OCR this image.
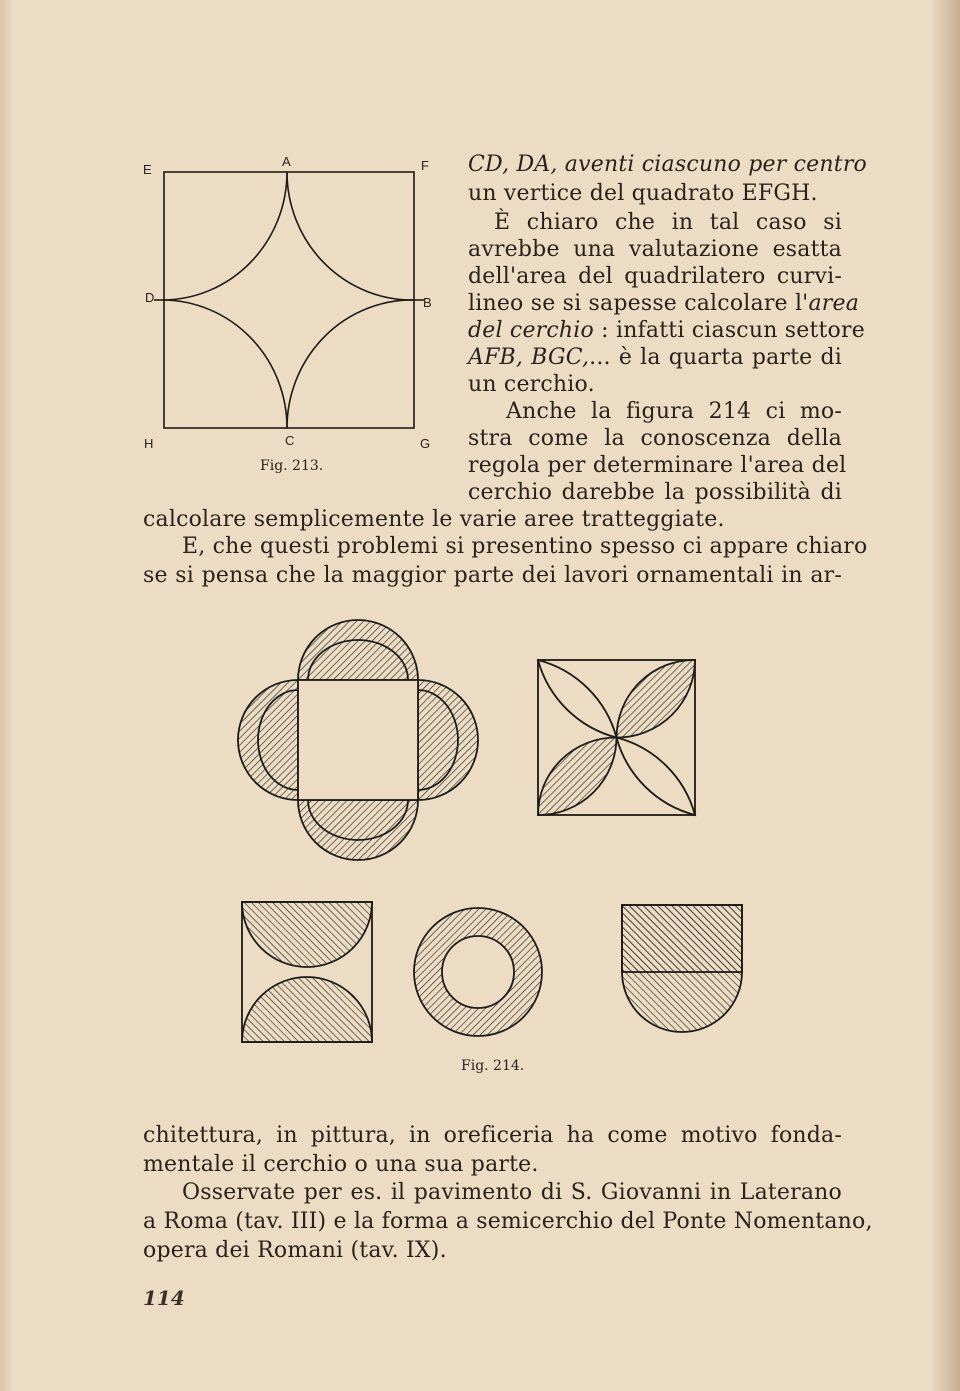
E
A	F
D	B
H	C	G
Fig. 213.
CD, DA, aventi ciascuno per centro
un vertice del quadrato EFGH.
È chiaro che in tal caso si
avrebbe una valutazione esatta
dell'area del quadrilatero curvi-
lineo se si sapesse calcolare l'area
del cerchio : infatti ciascun settore
AFB, BGC,... è la quarta parte di
un cerchio.
Anche la figura 214 ci mo-
stra come la conoscenza della
regola per determinare l'area del
cerchio darebbe la possibilità di
calcolare semplicemente le varie aree tratteggiate.
E, che questi problemi si presentino spesso ci appare chiaro
se si pensa che la maggior parte dei lavori ornamentali in ar-
Fig. 214.
chitettura, in pittura, in oreficeria ha come motivo fonda-
mentale il cerchio o una sua parte.
Osservate per es. il pavimento di S. Giovanni in Laterano
a Roma (tav. III) e la forma a semicerchio del Ponte Nomentano,
opera dei Romani (tav. IX).
114
